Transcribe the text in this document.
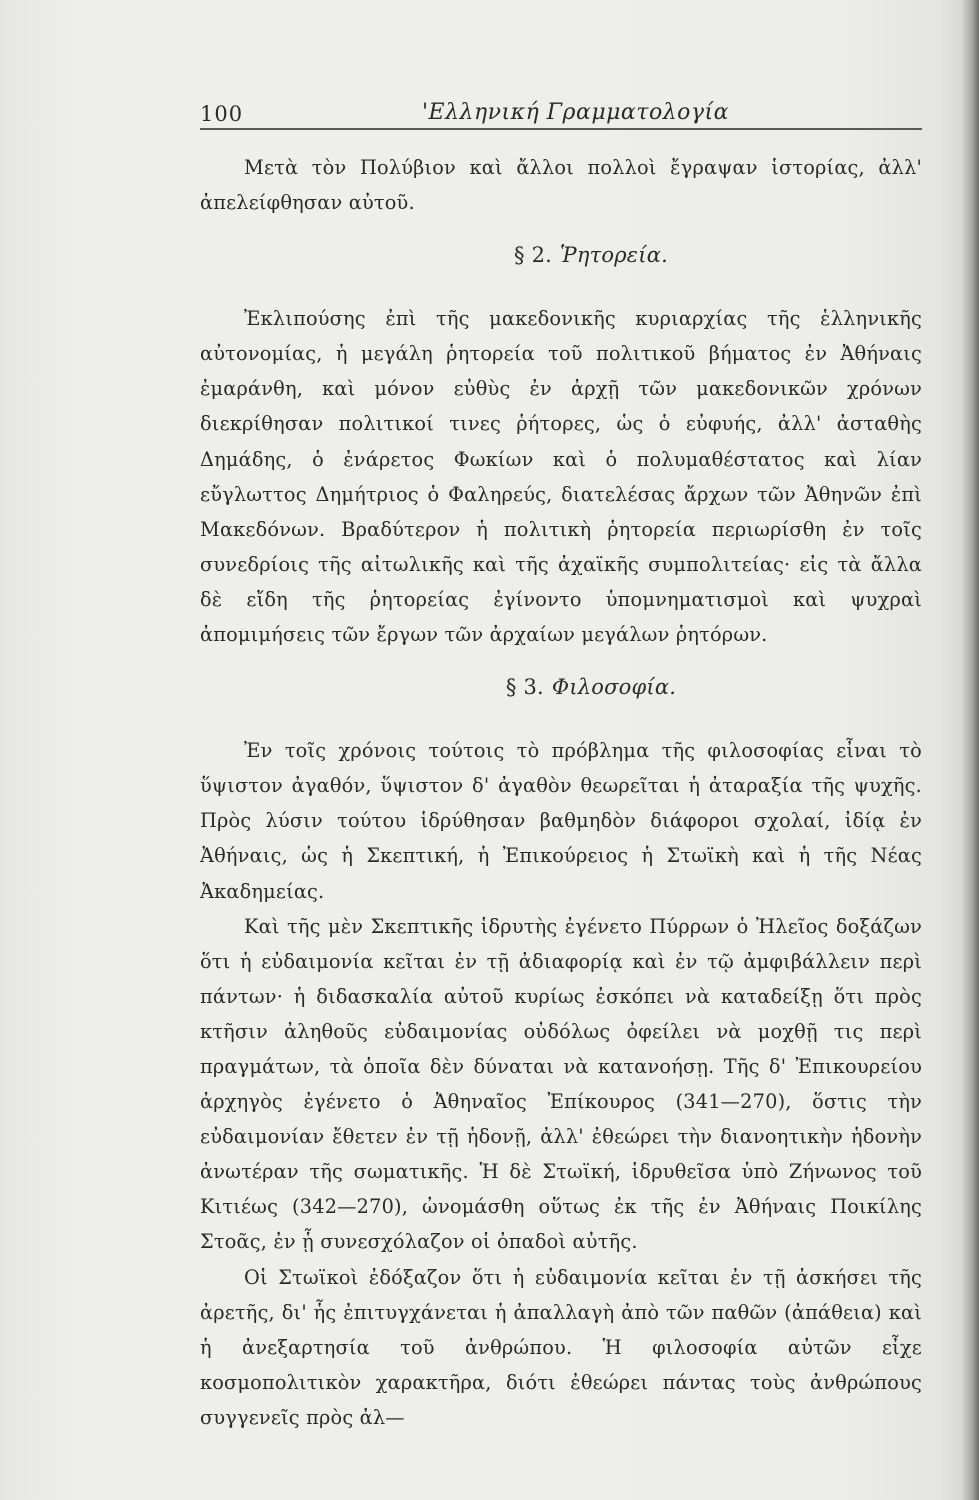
100	'Ελληνική Γραμματολογία

Μετὰ τὸν Πολύβιον καὶ ἄλλοι πολλοὶ ἔγραψαν ἱστορίας, ἀλλ' ἀπελείφθησαν αὐτοῦ.

§ 2. Ῥητορεία.

Ἐκλιπούσης ἐπὶ τῆς μακεδονικῆς κυριαρχίας τῆς ἑλληνικῆς αὐτονομίας, ἡ μεγάλη ῥητορεία τοῦ πολιτικοῦ βήματος ἐν Ἀθήναις ἐμαράνθη, καὶ μόνον εὐθὺς ἐν ἀρχῇ τῶν μακεδονικῶν χρόνων διεκρίθησαν πολιτικοί τινες ῥήτορες, ὡς ὁ εὐφυής, ἀλλ' ἀσταθὴς Δημάδης, ὁ ἐνάρετος Φωκίων καὶ ὁ πολυμαθέστατος καὶ λίαν εὔγλωττος Δημήτριος ὁ Φαληρεύς, διατελέσας ἄρχων τῶν Ἀθηνῶν ἐπὶ Μακεδόνων. Βραδύτερον ἡ πολιτικὴ ῥητορεία περιωρίσθη ἐν τοῖς συνεδρίοις τῆς αἰτωλικῆς καὶ τῆς ἀχαϊκῆς συμπολιτείας· εἰς τὰ ἄλλα δὲ εἴδη τῆς ῥητορείας ἐγίνοντο ὑπομνηματισμοὶ καὶ ψυχραὶ ἀπομιμήσεις τῶν ἔργων τῶν ἀρχαίων μεγάλων ῥητόρων.

§ 3. Φιλοσοφία.

Ἐν τοῖς χρόνοις τούτοις τὸ πρόβλημα τῆς φιλοσοφίας εἶναι τὸ ὕψιστον ἀγαθόν, ὕψιστον δ' ἀγαθὸν θεωρεῖται ἡ ἀταραξία τῆς ψυχῆς. Πρὸς λύσιν τούτου ἱδρύθησαν βαθμηδὸν διάφοροι σχολαί, ἰδίᾳ ἐν Ἀθήναις, ὡς ἡ Σκεπτική, ἡ Ἐπικούρειος ἡ Στωϊκὴ καὶ ἡ τῆς Νέας Ἀκαδημείας.

Καὶ τῆς μὲν Σκεπτικῆς ἱδρυτὴς ἐγένετο Πύρρων ὁ Ἠλεῖος δοξάζων ὅτι ἡ εὐδαιμονία κεῖται ἐν τῇ ἀδιαφορίᾳ καὶ ἐν τῷ ἀμφιβάλλειν περὶ πάντων· ἡ διδασκαλία αὐτοῦ κυρίως ἐσκόπει νὰ καταδείξῃ ὅτι πρὸς κτῆσιν ἀληθοῦς εὐδαιμονίας οὐδόλως ὀφείλει νὰ μοχθῇ τις περὶ πραγμάτων, τὰ ὁποῖα δὲν δύναται νὰ κατανοήσῃ. Τῆς δ' Ἐπικουρείου ἀρχηγὸς ἐγένετο ὁ Ἀθηναῖος Ἐπίκουρος (341—270), ὅστις τὴν εὐδαιμονίαν ἔθετεν ἐν τῇ ἡδονῇ, ἀλλ' ἐθεώρει τὴν διανοητικὴν ἡδονὴν ἀνωτέραν τῆς σωματικῆς. Ἡ δὲ Στωϊκή, ἱδρυθεῖσα ὑπὸ Ζήνωνος τοῦ Κιτιέως (342—270), ὠνομάσθη οὕτως ἐκ τῆς ἐν Ἀθήναις Ποικίλης Στοᾶς, ἐν ᾗ συνεσχόλαζον οἱ ὀπαδοὶ αὐτῆς.

Οἱ Στωϊκοὶ ἐδόξαζον ὅτι ἡ εὐδαιμονία κεῖται ἐν τῇ ἀσκήσει τῆς ἀρετῆς, δι' ἧς ἐπιτυγχάνεται ἡ ἀπαλλαγὴ ἀπὸ τῶν παθῶν (ἀπάθεια) καὶ ἡ ἀνεξαρτησία τοῦ ἀνθρώπου. Ἡ φιλοσοφία αὐτῶν εἶχε κοσμοπολιτικὸν χαρακτῆρα, διότι ἐθεώρει πάντας τοὺς ἀνθρώπους συγγενεῖς πρὸς ἀλ—
